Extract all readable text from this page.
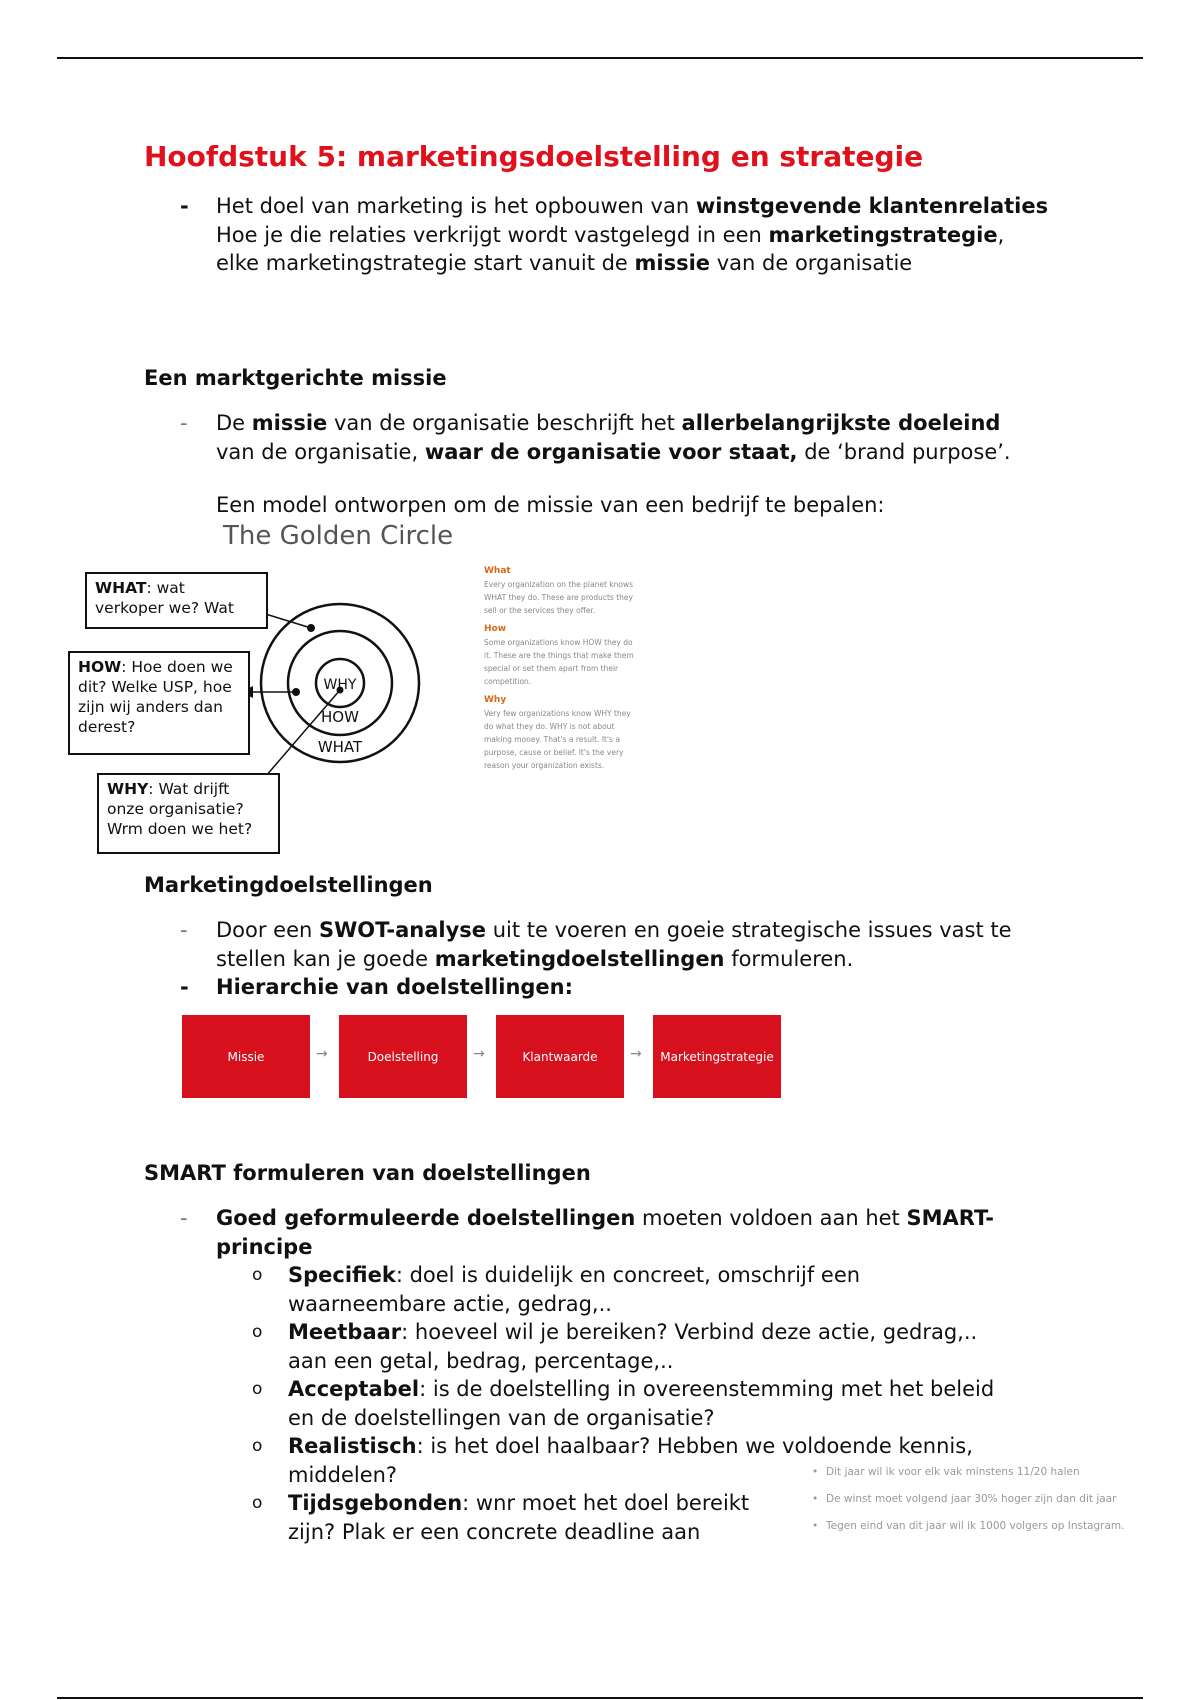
Hoofdstuk 5: marketingsdoelstelling en strategie
- Het doel van marketing is het opbouwen van winstgevende klantenrelaties
Hoe je die relaties verkrijgt wordt vastgelegd in een marketingstrategie,
elke marketingstrategie start vanuit de missie van de organisatie
Een marktgerichte missie
- De missie van de organisatie beschrijft het allerbelangrijkste doeleind
van de organisatie, waar de organisatie voor staat, de ‘brand purpose’.
Een model ontworpen om de missie van een bedrijf te bepalen:
The Golden Circle
WHY
HOW
WHAT
WHAT: wat verkoper we? Wat
HOW: Hoe doen we dit? Welke USP, hoe zijn wij anders dan derest?
WHY: Wat drijft onze organisatie? Wrm doen we het?
What
Every organization on the planet knows WHAT they do. These are products they sell or the services they offer.
How
Some organizations know HOW they do it. These are the things that make them special or set them apart from their competition.
Why
Very few organizations know WHY they do what they do. WHY is not about making money. That's a result. It's a purpose, cause or belief. It's the very reason your organization exists.
Marketingdoelstellingen
- Door een SWOT-analyse uit te voeren en goeie strategische issues vast te
stellen kan je goede marketingdoelstellingen formuleren.
- Hierarchie van doelstellingen:
Missie	→	Doelstelling	→	Klantwaarde	→	Marketingstrategie
SMART formuleren van doelstellingen
- Goed geformuleerde doelstellingen moeten voldoen aan het SMART-
principe
o Specifiek: doel is duidelijk en concreet, omschrijf een
waarneembare actie, gedrag,..
o Meetbaar: hoeveel wil je bereiken? Verbind deze actie, gedrag,..
aan een getal, bedrag, percentage,..
o Acceptabel: is de doelstelling in overeenstemming met het beleid
en de doelstellingen van de organisatie?
o Realistisch: is het doel haalbaar? Hebben we voldoende kennis,
middelen?
o Tijdsgebonden: wnr moet het doel bereikt
zijn? Plak er een concrete deadline aan
• Dit jaar wil ik voor elk vak minstens 11/20 halen
• De winst moet volgend jaar 30% hoger zijn dan dit jaar
• Tegen eind van dit jaar wil ik 1000 volgers op Instagram.
